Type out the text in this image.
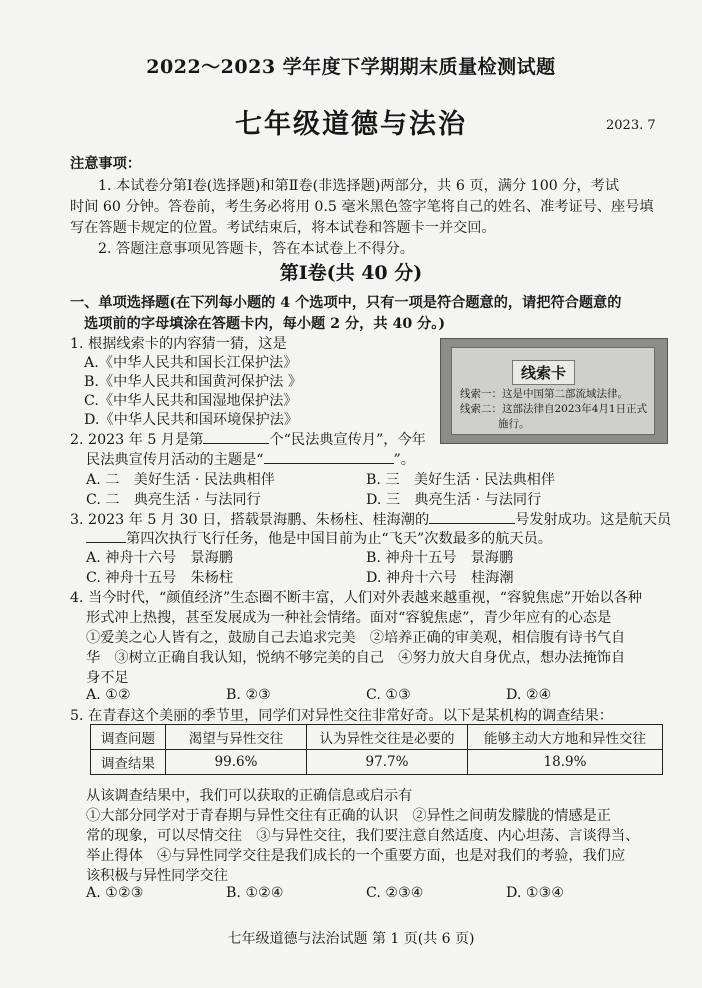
2022～2023 学年度下学期期末质量检测试题
七年级道德与法治	2023. 7
注意事项：
1. 本试卷分第Ⅰ卷(选择题)和第Ⅱ卷(非选择题)两部分，共 6 页，满分 100 分，考试
时间 60 分钟。答卷前，考生务必将用 0.5 毫米黑色签字笔将自己的姓名、准考证号、座号填
写在答题卡规定的位置。考试结束后，将本试卷和答题卡一并交回。
2. 答题注意事项见答题卡，答在本试卷上不得分。
第Ⅰ卷(共 40 分)
一、单项选择题(在下列每小题的 4 个选项中，只有一项是符合题意的，请把符合题意的
选项前的字母填涂在答题卡内，每小题 2 分，共 40 分。)
1. 根据线索卡的内容猜一猜，这是
A.《中华人民共和国长江保护法》
B.《中华人民共和国黄河保护法 》
C.《中华人民共和国湿地保护法》
D.《中华人民共和国环境保护法》
线索卡
线索一：这是中国第二部流域法律。
线索二：这部法律自2023年4月1日正式
施行。
2. 2023 年 5 月是第	个“民法典宣传月”，今年
民法典宣传月活动的主题是“	”。
A. 二　美好生活 · 民法典相伴	B. 三　美好生活 · 民法典相伴
C. 二　典亮生活 · 与法同行	D. 三　典亮生活 · 与法同行
3. 2023 年 5 月 30 日，搭载景海鹏、朱杨柱、桂海潮的	号发射成功。这是航天员
第四次执行飞行任务，他是中国目前为止“飞天”次数最多的航天员。
A. 神舟十六号　景海鹏	B. 神舟十五号　景海鹏
C. 神舟十五号　朱杨柱	D. 神舟十六号　桂海潮
4. 当今时代，“颜值经济”生态圈不断丰富，人们对外表越来越重视，“容貌焦虑”开始以各种
形式冲上热搜，甚至发展成为一种社会情绪。面对“容貌焦虑”，青少年应有的心态是
①爱美之心人皆有之，鼓励自己去追求完美　②培养正确的审美观，相信腹有诗书气自
华　③树立正确自我认知，悦纳不够完美的自己　④努力放大自身优点，想办法掩饰自
身不足
A. ①②	B. ②③	C. ①③	D. ②④
5. 在青春这个美丽的季节里，同学们对异性交往非常好奇。以下是某机构的调查结果：
调查问题	渴望与异性交往	认为异性交往是必要的	能够主动大方地和异性交往
调查结果	99.6%	97.7%	18.9%
从该调查结果中，我们可以获取的正确信息或启示有
①大部分同学对于青春期与异性交往有正确的认识　②异性之间萌发朦胧的情感是正
常的现象，可以尽情交往　③与异性交往，我们要注意自然适度、内心坦荡、言谈得当、
举止得体　④与异性同学交往是我们成长的一个重要方面，也是对我们的考验，我们应
该积极与异性同学交往
A. ①②③	B. ①②④	C. ②③④	D. ①③④
七年级道德与法治试题 第 1 页(共 6 页)
